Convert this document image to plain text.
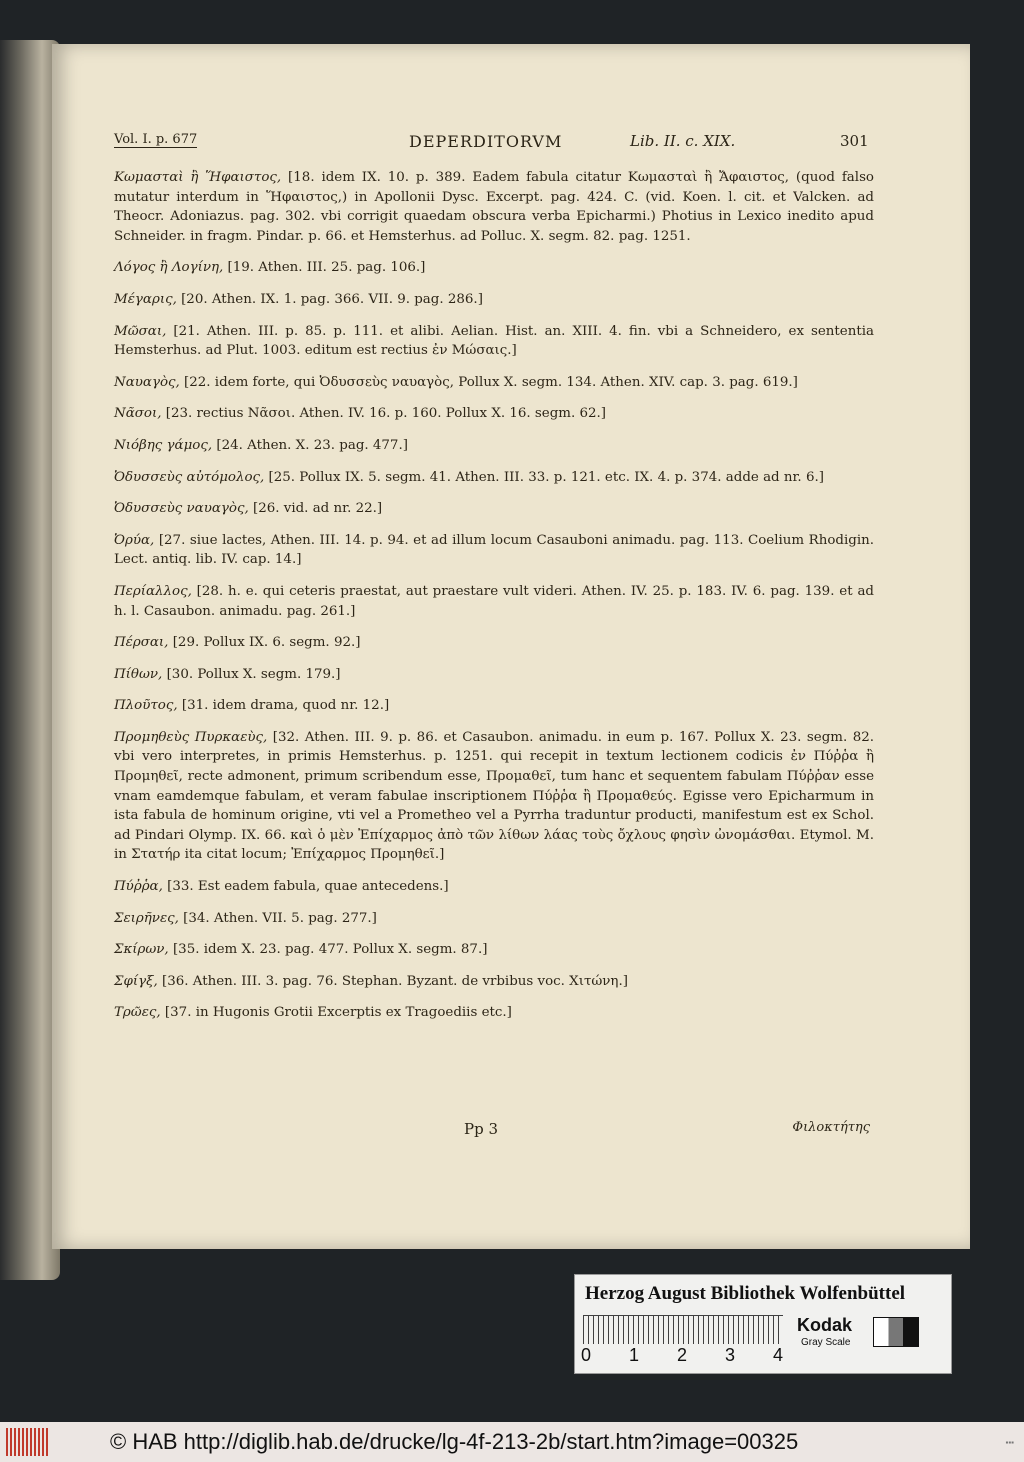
Vol. I. p. 677	DEPERDITORVM	Lib. II. c. XIX.	301

Κωμασταὶ ἢ Ἥφαιστος, [18. idem IX. 10. p. 389. Eadem fabula citatur Κωμασταὶ ἢ Ἄφαιστος, (quod falso mutatur interdum in Ἥφαιστος,) in Apollonii Dysc. Excerpt. pag. 424. C. (vid. Koen. l. cit. et Valcken. ad Theocr. Adoniazus. pag. 302. vbi corrigit quaedam obscura verba Epicharmi.) Photius in Lexico inedito apud Schneider. in fragm. Pindar. p. 66. et Hemsterhus. ad Polluc. X. segm. 82. pag. 1251.

Λόγος ἢ Λογίνη, [19. Athen. III. 25. pag. 106.]

Μέγαρις, [20. Athen. IX. 1. pag. 366. VII. 9. pag. 286.]

Μῶσαι, [21. Athen. III. p. 85. p. 111. et alibi. Aelian. Hist. an. XIII. 4. fin. vbi a Schneidero, ex sententia Hemsterhus. ad Plut. 1003. editum est rectius ἐν Μώσαις.]

Ναυαγὸς, [22. idem forte, qui Ὀδυσσεὺς ναυαγὸς, Pollux X. segm. 134. Athen. XIV. cap. 3. pag. 619.]

Νᾶσοι, [23. rectius Νᾶσοι. Athen. IV. 16. p. 160. Pollux X. 16. segm. 62.]

Νιόβης γάμος, [24. Athen. X. 23. pag. 477.]

Ὀδυσσεὺς αὐτόμολος, [25. Pollux IX. 5. segm. 41. Athen. III. 33. p. 121. etc. IX. 4. p. 374. adde ad nr. 6.]

Ὀδυσσεὺς ναυαγὸς, [26. vid. ad nr. 22.]

Ὀρύα, [27. siue lactes, Athen. III. 14. p. 94. et ad illum locum Casauboni animadu. pag. 113. Coelium Rhodigin. Lect. antiq. lib. IV. cap. 14.]

Περίαλλος, [28. h. e. qui ceteris praestat, aut praestare vult videri. Athen. IV. 25. p. 183. IV. 6. pag. 139. et ad h. l. Casaubon. animadu. pag. 261.]

Πέρσαι, [29. Pollux IX. 6. segm. 92.]

Πίθων, [30. Pollux X. segm. 179.]

Πλοῦτος, [31. idem drama, quod nr. 12.]

Προμηθεὺς Πυρκαεὺς, [32. Athen. III. 9. p. 86. et Casaubon. animadu. in eum p. 167. Pollux X. 23. segm. 82. vbi vero interpretes, in primis Hemsterhus. p. 1251. qui recepit in textum lectionem codicis ἐν Πύῤῥα ἢ Προμηθεῖ, recte admonent, primum scribendum esse, Προμαθεῖ, tum hanc et sequentem fabulam Πύῤῥαν esse vnam eamdemque fabulam, et veram fabulae inscriptionem Πύῤῥα ἢ Προμαθεύς. Egisse vero Epicharmum in ista fabula de hominum origine, vti vel a Prometheo vel a Pyrrha traduntur producti, manifestum est ex Schol. ad Pindari Olymp. IX. 66. καὶ ὁ μὲν Ἐπίχαρμος ἀπὸ τῶν λίθων λάας τοὺς ὄχλους φησὶν ὠνομάσθαι. Etymol. M. in Στατήρ ita citat locum; Ἐπίχαρμος Προμηθεῖ.]

Πύῤῥα, [33. Est eadem fabula, quae antecedens.]

Σειρῆνες, [34. Athen. VII. 5. pag. 277.]

Σκίρων, [35. idem X. 23. pag. 477. Pollux X. segm. 87.]

Σφίγξ, [36. Athen. III. 3. pag. 76. Stephan. Byzant. de vrbibus voc. Χιτώνη.]

Τρῶες, [37. in Hugonis Grotii Excerptis ex Tragoediis etc.]

Pp 3	Φιλοκτήτης
Herzog August Bibliothek Wolfenbüttel
0 1 2 3 4
Kodak
Gray Scale
© HAB http://diglib.hab.de/drucke/lg-4f-213-2b/start.htm?image=00325	▪▪▪
